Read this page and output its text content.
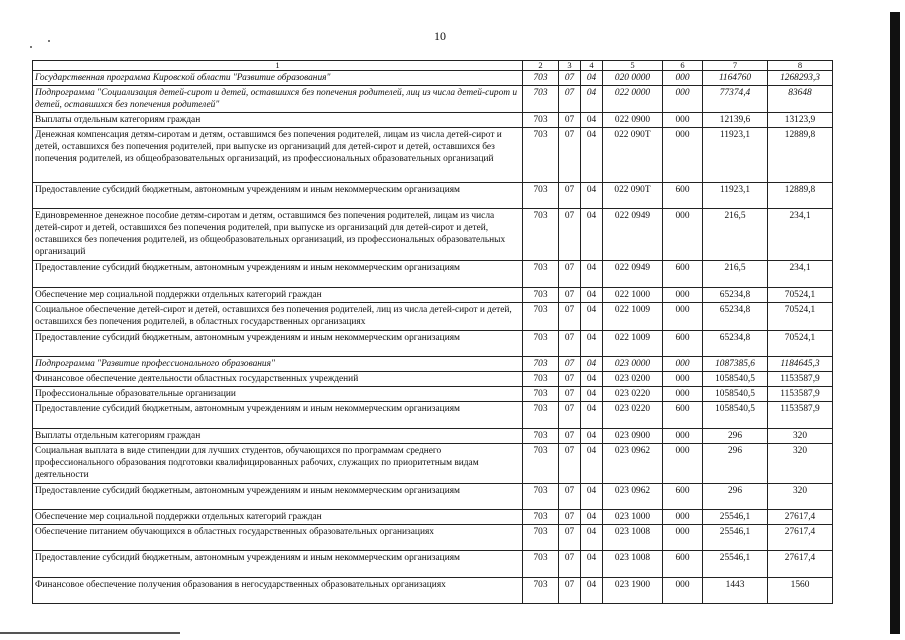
10
1	2	3	4	5	6	7	8
Государственная программа Кировской области "Развитие образования"	703	07	04	020 0000	000	1164760	1268293,3
Подпрограмма "Социализация детей-сирот и детей, оставшихся без попечения родителей, лиц из числа детей-сирот и детей, оставшихся без попечения родителей"	703	07	04	022 0000	000	77374,4	83648
Выплаты отдельным категориям граждан	703	07	04	022 0900	000	12139,6	13123,9
Денежная компенсация детям-сиротам и детям, оставшимся без попечения родителей, лицам из числа детей-сирот и детей, оставшихся без попечения родителей, при выпуске из организаций для детей-сирот и детей, оставшихся без попечения родителей, из общеобразовательных организаций, из профессиональных образовательных организаций	703	07	04	022 090Т	000	11923,1	12889,8
Предоставление субсидий бюджетным, автономным учреждениям и иным некоммерческим организациям	703	07	04	022 090Т	600	11923,1	12889,8
Единовременное денежное пособие детям-сиротам и детям, оставшимся без попечения родителей, лицам из числа детей-сирот и детей, оставшихся без попечения родителей, при выпуске из организаций для детей-сирот и детей, оставшихся без попечения родителей, из общеобразовательных организаций, из профессиональных образовательных организаций	703	07	04	022 0949	000	216,5	234,1
Предоставление субсидий бюджетным, автономным учреждениям и иным некоммерческим организациям	703	07	04	022 0949	600	216,5	234,1
Обеспечение мер социальной поддержки отдельных категорий граждан	703	07	04	022 1000	000	65234,8	70524,1
Социальное обеспечение детей-сирот и детей, оставшихся без попечения родителей, лиц из числа детей-сирот и детей, оставшихся без попечения родителей, в областных государственных организациях	703	07	04	022 1009	000	65234,8	70524,1
Предоставление субсидий бюджетным, автономным учреждениям и иным некоммерческим организациям	703	07	04	022 1009	600	65234,8	70524,1
Подпрограмма "Развитие профессионального образования"	703	07	04	023 0000	000	1087385,6	1184645,3
Финансовое обеспечение деятельности областных государственных учреждений	703	07	04	023 0200	000	1058540,5	1153587,9
Профессиональные образовательные организации	703	07	04	023 0220	000	1058540,5	1153587,9
Предоставление субсидий бюджетным, автономным учреждениям и иным некоммерческим организациям	703	07	04	023 0220	600	1058540,5	1153587,9
Выплаты отдельным категориям граждан	703	07	04	023 0900	000	296	320
Социальная выплата в виде стипендии для лучших студентов, обучающихся по программам среднего профессионального образования подготовки квалифицированных рабочих, служащих по приоритетным видам деятельности	703	07	04	023 0962	000	296	320
Предоставление субсидий бюджетным, автономным учреждениям и иным некоммерческим организациям	703	07	04	023 0962	600	296	320
Обеспечение мер социальной поддержки отдельных категорий граждан	703	07	04	023 1000	000	25546,1	27617,4
Обеспечение питанием обучающихся в областных государственных образовательных организациях	703	07	04	023 1008	000	25546,1	27617,4
Предоставление субсидий бюджетным, автономным учреждениям и иным некоммерческим организациям	703	07	04	023 1008	600	25546,1	27617,4
Финансовое обеспечение получения образования в негосударственных образовательных организациях	703	07	04	023 1900	000	1443	1560
